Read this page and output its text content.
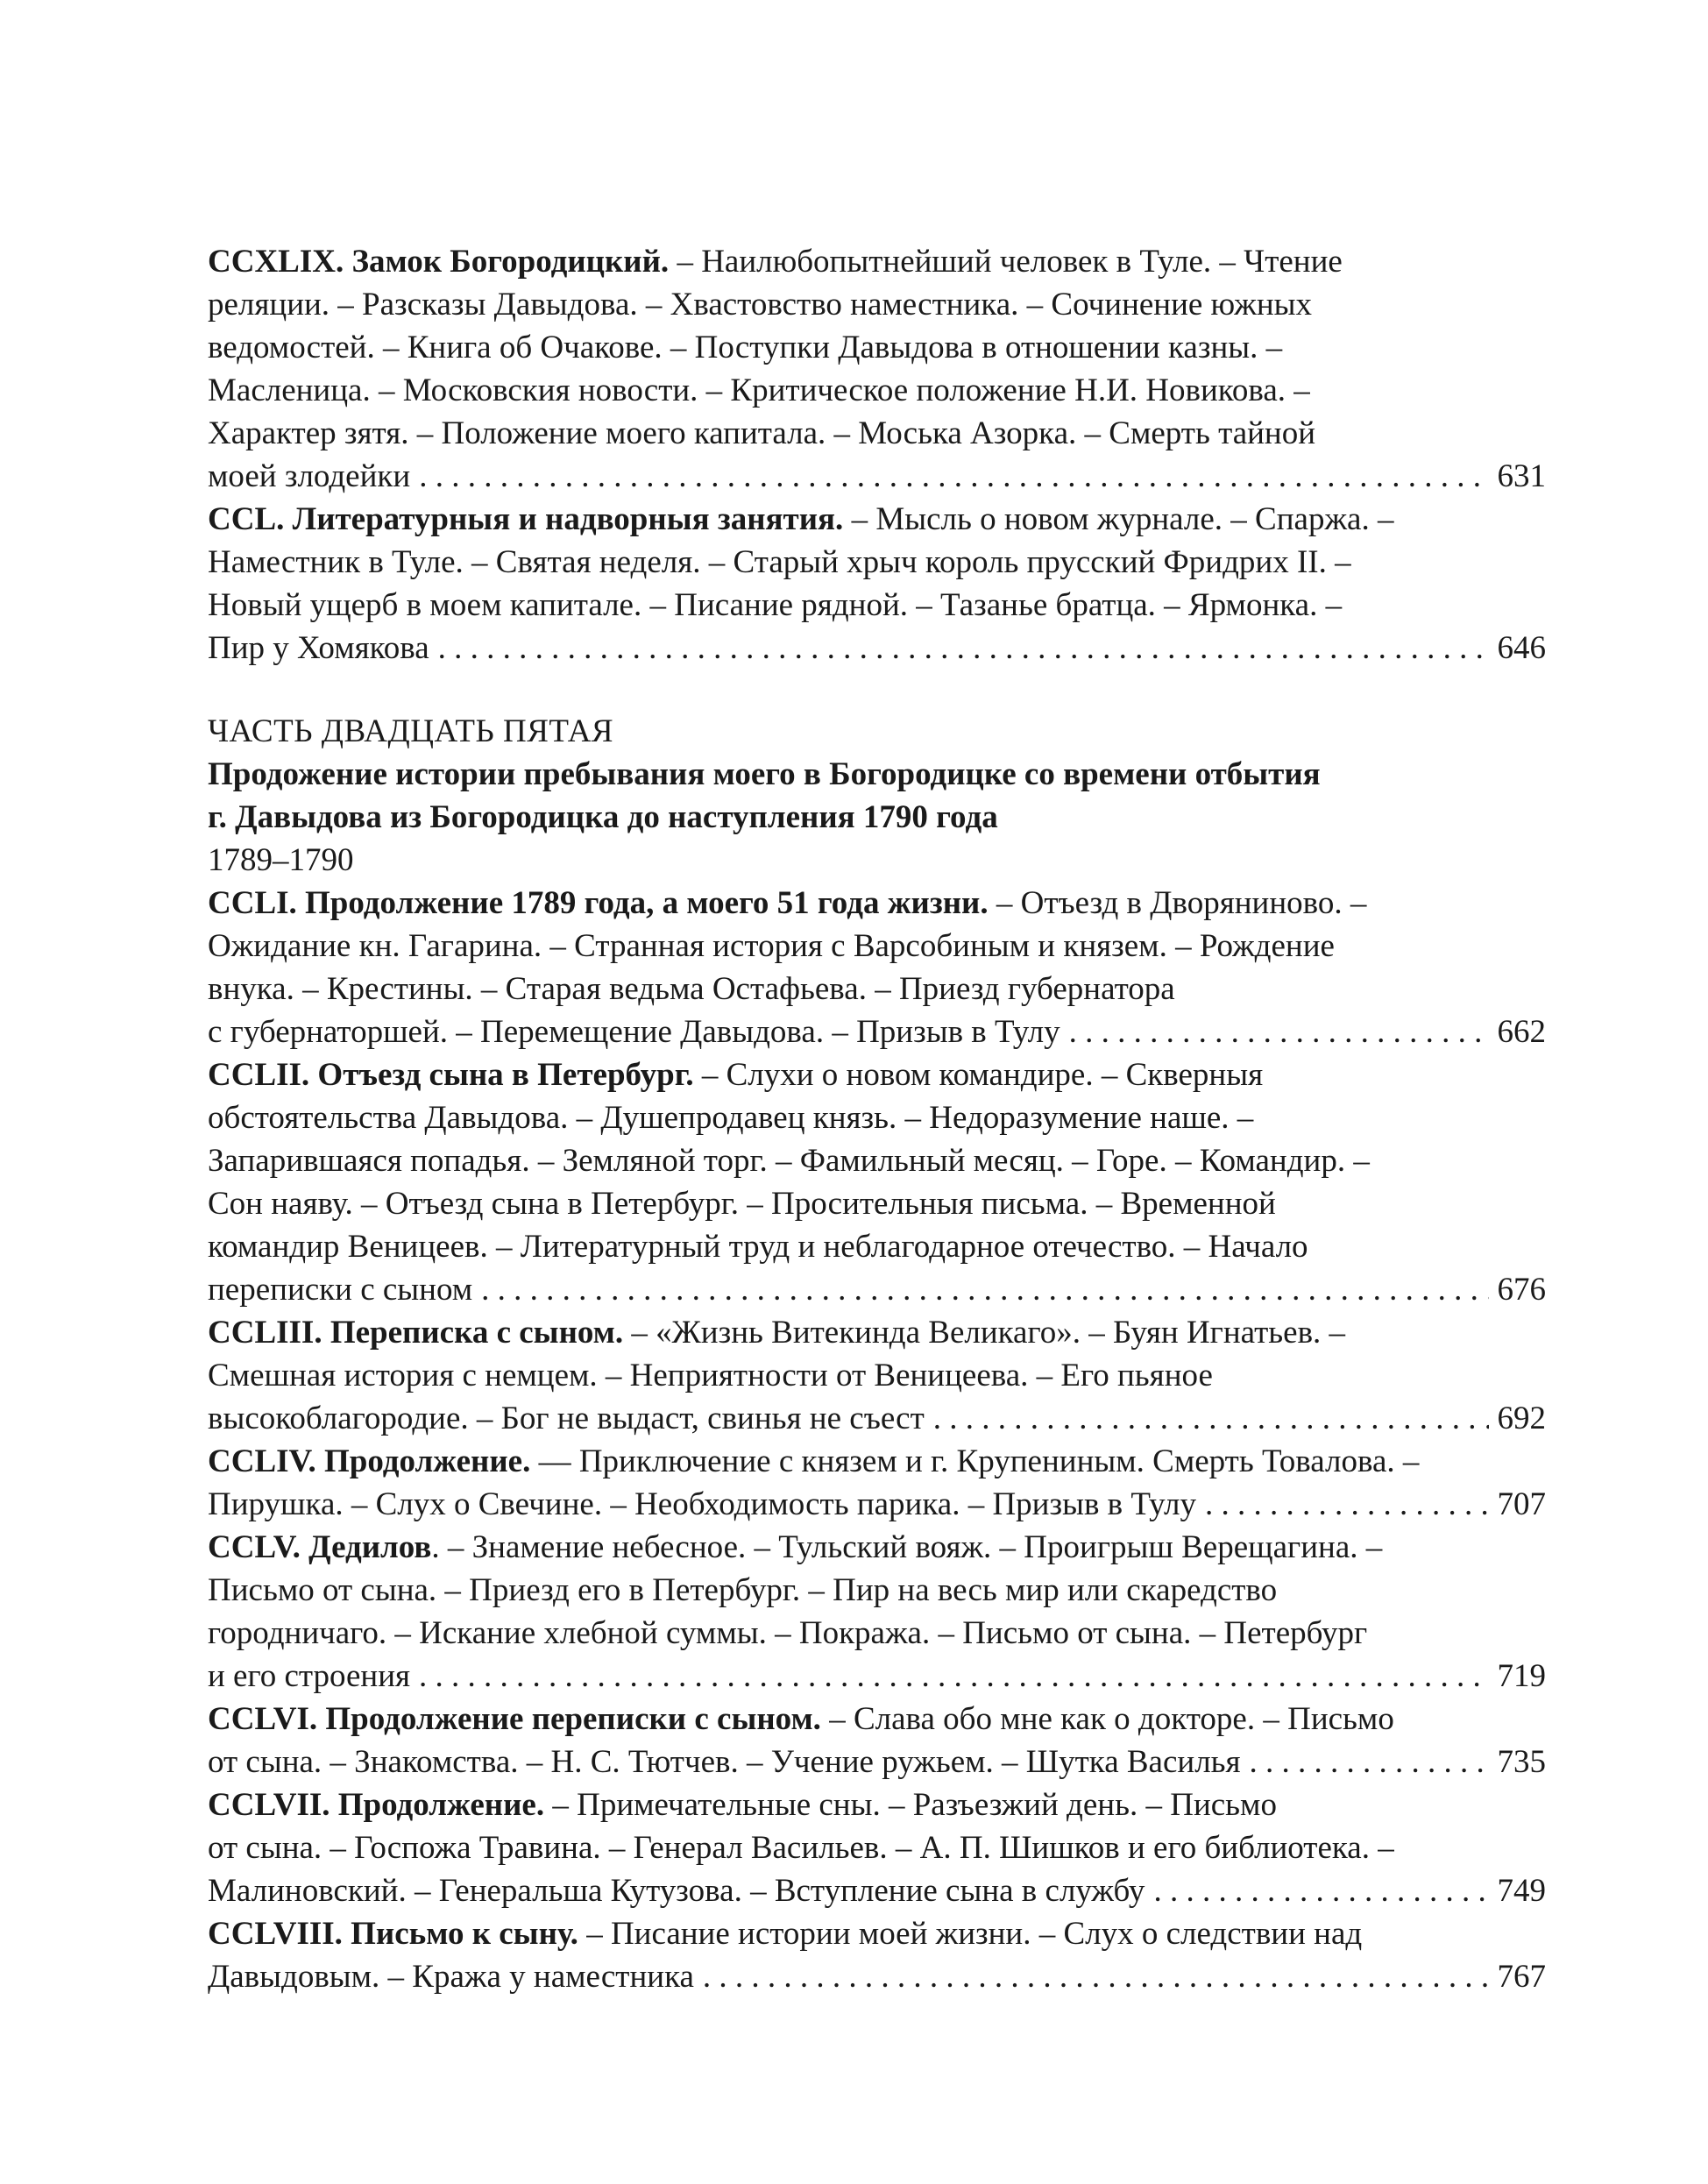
CCXLIX. Замок Богородицкий. – Наилюбопытнейший человек в Туле. – Чтение
реляции. – Разсказы Давыдова. – Хвастовство наместника. – Сочинение южных
ведомостей. – Книга об Очакове. – Поступки Давыдова в отношении казны. –
Масленица. – Московския новости. – Критическое положение Н.И. Новикова. –
Характер зятя. – Положение моего капитала. – Моська Азорка. – Смерть тайной
моей злодейки . . .	631
CCL. Литературныя и надворныя занятия. – Мысль о новом журнале. – Спаржа. –
Наместник в Туле. – Святая неделя. – Старый хрыч король прусский Фридрих II. –
Новый ущерб в моем капитале. – Писание рядной. – Тазанье братца. – Ярмонка. –
Пир у Хомякова . . .	646
ЧАСТЬ ДВАДЦАТЬ ПЯТАЯ
Продожение истории пребывания моего в Богородицке со времени отбытия
г. Давыдова из Богородицка до наступления 1790 года
1789–1790
CCLI. Продолжение 1789 года, а моего 51 года жизни. – Отъезд в Дворяниново. –
Ожидание кн. Гагарина. – Странная история с Варсобиным и князем. – Рождение
внука. – Крестины. – Старая ведьма Остафьева. – Приезд губернатора
с губернаторшей. – Перемещение Давыдова. – Призыв в Тулу . . .	662
CCLII. Отъезд сына в Петербург. – Слухи о новом командире. – Скверныя
обстоятельства Давыдова. – Душепродавец князь. – Недоразумение наше. –
Запарившаяся попадья. – Земляной торг. – Фамильный месяц. – Горе. – Командир. –
Сон наяву. – Отъезд сына в Петербург. – Просительныя письма. – Временной
командир Веницеев. – Литературный труд и неблагодарное отечество. – Начало
переписки с сыном . . .	676
CCLIII. Переписка с сыном. – «Жизнь Витекинда Великаго». – Буян Игнатьев. –
Смешная история с немцем. – Неприятности от Веницеева. – Его пьяное
высокоблагородие. – Бог не выдаст, свинья не съест . . .	692
CCLIV. Продолжение. — Приключение с князем и г. Крупениным. Смерть Товалова. –
Пирушка. – Слух о Свечине. – Необходимость парика. – Призыв в Тулу . . .	707
CCLV. Дедилов. – Знамение небесное. – Тульский вояж. – Проигрыш Верещагина. –
Письмо от сына. – Приезд его в Петербург. – Пир на весь мир или скаредство
городничаго. – Искание хлебной суммы. – Покража. – Письмо от сына. – Петербург
и его строения . . .	719
CCLVI. Продолжение переписки с сыном. – Слава обо мне как о докторе. – Письмо
от сына. – Знакомства. – Н. С. Тютчев. – Учение ружьем. – Шутка Василья . . .	735
CCLVII. Продолжение. – Примечательные сны. – Разъезжий день. – Письмо
от сына. – Госпожа Травина. – Генерал Васильев. – А. П. Шишков и его библиотека. –
Малиновский. – Генеральша Кутузова. – Вступление сына в службу . . .	749
CCLVIII. Письмо к сыну. – Писание истории моей жизни. – Слух о следствии над
Давыдовым. – Кража у наместника . . .	767
